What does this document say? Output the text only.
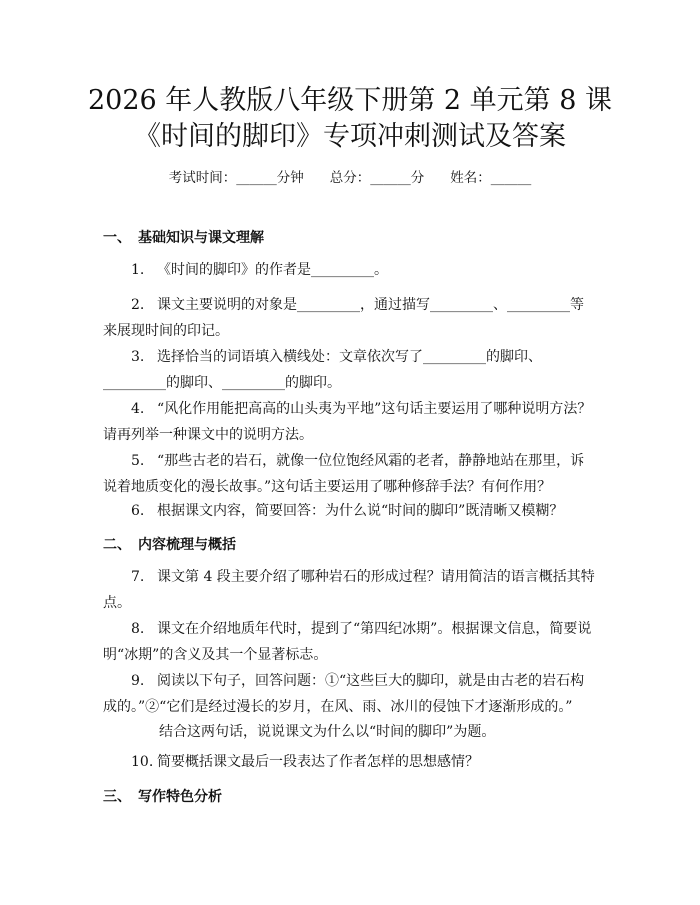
2026 年人教版八年级下册第 2 单元第 8 课
《时间的脚印》专项冲刺测试及答案
考试时间：______分钟 总分：______分 姓名：______
一、 基础知识与课文理解
1. 《时间的脚印》的作者是_________。
2. 课文主要说明的对象是_________，通过描写_________、_________等来展现时间的印记。
3. 选择恰当的词语填入横线处：文章依次写了_________的脚印、_________的脚印、_________的脚印。
4. “风化作用能把高高的山头夷为平地”这句话主要运用了哪种说明方法？请再列举一种课文中的说明方法。
5. “那些古老的岩石，就像一位位饱经风霜的老者，静静地站在那里，诉说着地质变化的漫长故事。”这句话主要运用了哪种修辞手法？有何作用？
6. 根据课文内容，简要回答：为什么说“时间的脚印”既清晰又模糊？
二、 内容梳理与概括
7. 课文第 4 段主要介绍了哪种岩石的形成过程？请用简洁的语言概括其特点。
8. 课文在介绍地质年代时，提到了“第四纪冰期”。根据课文信息，简要说明“冰期”的含义及其一个显著标志。
9. 阅读以下句子，回答问题：①“这些巨大的脚印，就是由古老的岩石构成的。”②“它们是经过漫长的岁月，在风、雨、冰川的侵蚀下才逐渐形成的。”
结合这两句话，说说课文为什么以“时间的脚印”为题。
10. 简要概括课文最后一段表达了作者怎样的思想感情？
三、 写作特色分析
